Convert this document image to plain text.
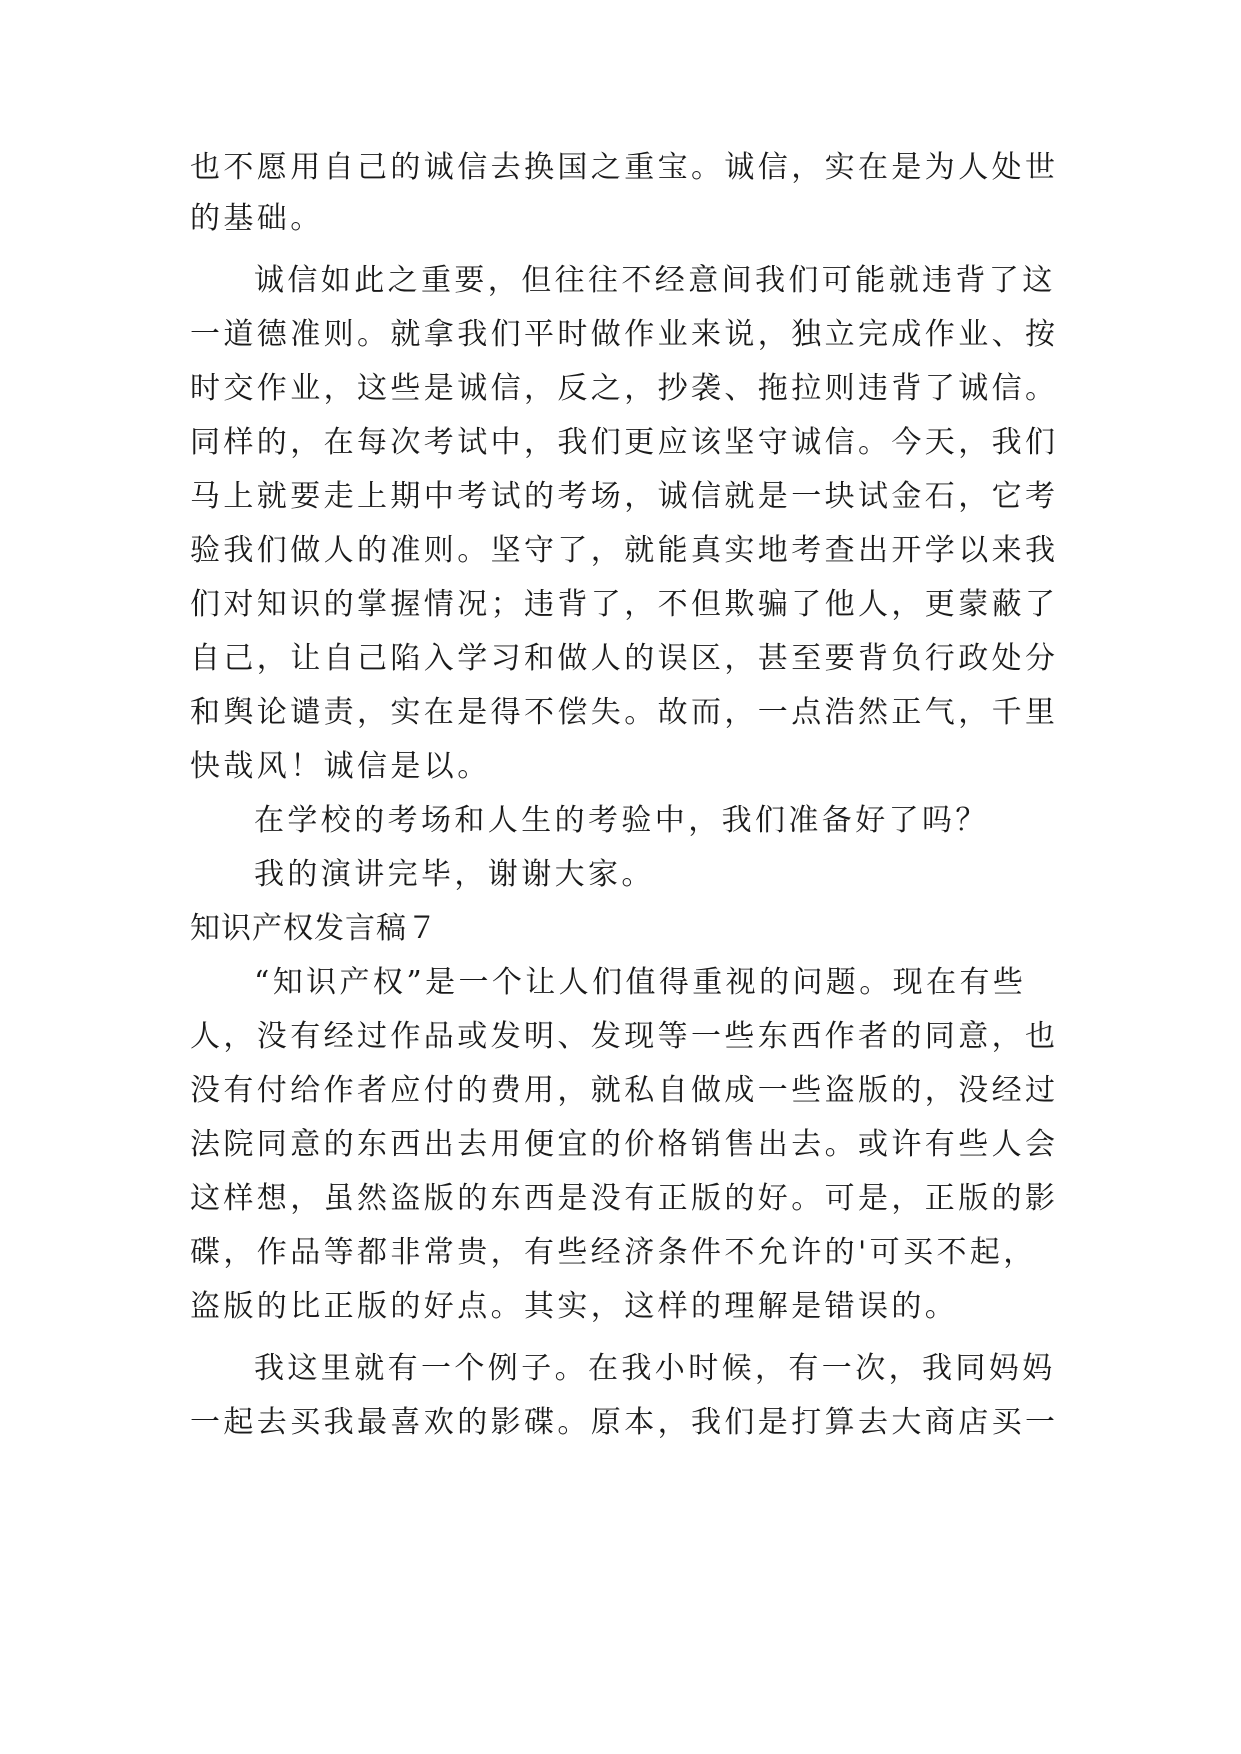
也不愿用自己的诚信去换国之重宝。诚信，实在是为人处世
的基础。
诚信如此之重要，但往往不经意间我们可能就违背了这
一道德准则。就拿我们平时做作业来说，独立完成作业、按
时交作业，这些是诚信，反之，抄袭、拖拉则违背了诚信。
同样的，在每次考试中，我们更应该坚守诚信。今天，我们
马上就要走上期中考试的考场，诚信就是一块试金石，它考
验我们做人的准则。坚守了，就能真实地考查出开学以来我
们对知识的掌握情况；违背了，不但欺骗了他人，更蒙蔽了
自己，让自己陷入学习和做人的误区，甚至要背负行政处分
和舆论谴责，实在是得不偿失。故而，一点浩然正气，千里
快哉风！诚信是以。
在学校的考场和人生的考验中，我们准备好了吗？
我的演讲完毕，谢谢大家。
知识产权发言稿７
“知识产权”是一个让人们值得重视的问题。现在有些
人，没有经过作品或发明、发现等一些东西作者的同意，也
没有付给作者应付的费用，就私自做成一些盗版的，没经过
法院同意的东西出去用便宜的价格销售出去。或许有些人会
这样想，虽然盗版的东西是没有正版的好。可是，正版的影
碟，作品等都非常贵，有些经济条件不允许的'可买不起，
盗版的比正版的好点。其实，这样的理解是错误的。
我这里就有一个例子。在我小时候，有一次，我同妈妈
一起去买我最喜欢的影碟。原本，我们是打算去大商店买一
